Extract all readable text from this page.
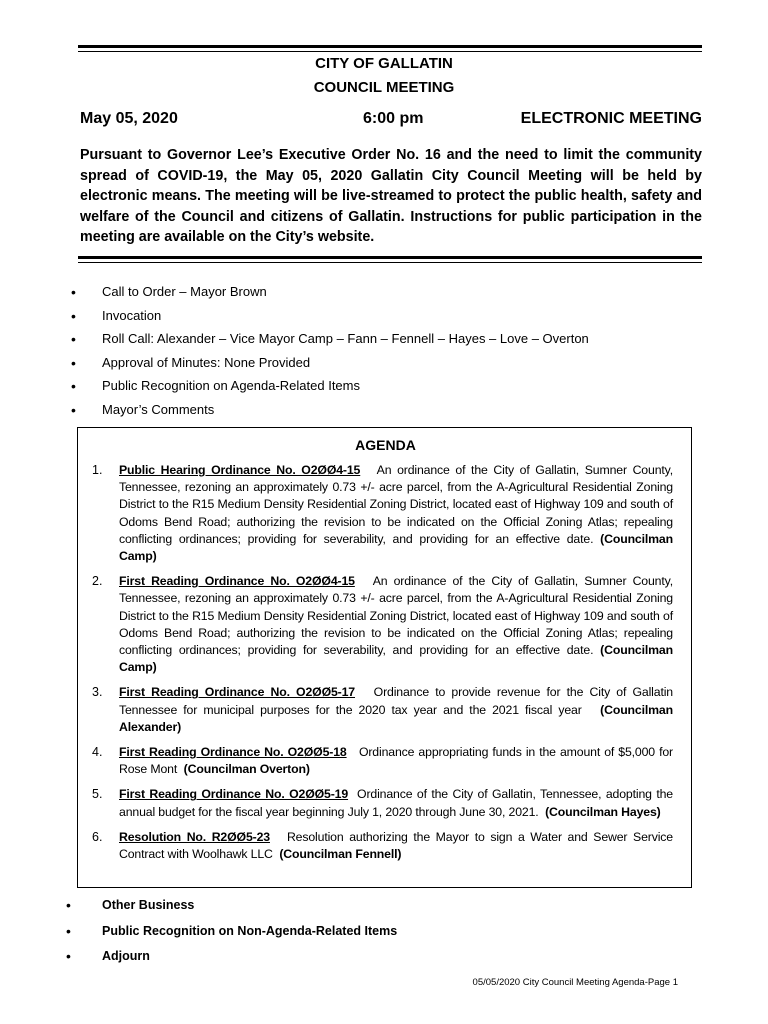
CITY OF GALLATIN
COUNCIL MEETING
May 05, 2020	6:00 pm	ELECTRONIC MEETING
Pursuant to Governor Lee’s Executive Order No. 16 and the need to limit the community spread of COVID-19, the May 05, 2020 Gallatin City Council Meeting will be held by electronic means. The meeting will be live-streamed to protect the public health, safety and welfare of the Council and citizens of Gallatin. Instructions for public participation in the meeting are available on the City’s website.
• Call to Order – Mayor Brown
• Invocation
• Roll Call: Alexander – Vice Mayor Camp – Fann – Fennell – Hayes – Love – Overton
• Approval of Minutes: None Provided
• Public Recognition on Agenda-Related Items
• Mayor’s Comments
AGENDA
1. Public Hearing Ordinance No. O2ØØ4-15 An ordinance of the City of Gallatin, Sumner County, Tennessee, rezoning an approximately 0.73 +/- acre parcel, from the A-Agricultural Residential Zoning District to the R15 Medium Density Residential Zoning District, located east of Highway 109 and south of Odoms Bend Road; authorizing the revision to be indicated on the Official Zoning Atlas; repealing conflicting ordinances; providing for severability, and providing for an effective date. (Councilman Camp)
2. First Reading Ordinance No. O2ØØ4-15 An ordinance of the City of Gallatin, Sumner County, Tennessee, rezoning an approximately 0.73 +/- acre parcel, from the A-Agricultural Residential Zoning District to the R15 Medium Density Residential Zoning District, located east of Highway 109 and south of Odoms Bend Road; authorizing the revision to be indicated on the Official Zoning Atlas; repealing conflicting ordinances; providing for severability, and providing for an effective date. (Councilman Camp)
3. First Reading Ordinance No. O2ØØ5-17 Ordinance to provide revenue for the City of Gallatin Tennessee for municipal purposes for the 2020 tax year and the 2021 fiscal year (Councilman Alexander)
4. First Reading Ordinance No. O2ØØ5-18 Ordinance appropriating funds in the amount of $5,000 for Rose Mont (Councilman Overton)
5. First Reading Ordinance No. O2ØØ5-19 Ordinance of the City of Gallatin, Tennessee, adopting the annual budget for the fiscal year beginning July 1, 2020 through June 30, 2021. (Councilman Hayes)
6. Resolution No. R2ØØ5-23 Resolution authorizing the Mayor to sign a Water and Sewer Service Contract with Woolhawk LLC (Councilman Fennell)
• Other Business
• Public Recognition on Non-Agenda-Related Items
• Adjourn
05/05/2020 City Council Meeting Agenda-Page 1
